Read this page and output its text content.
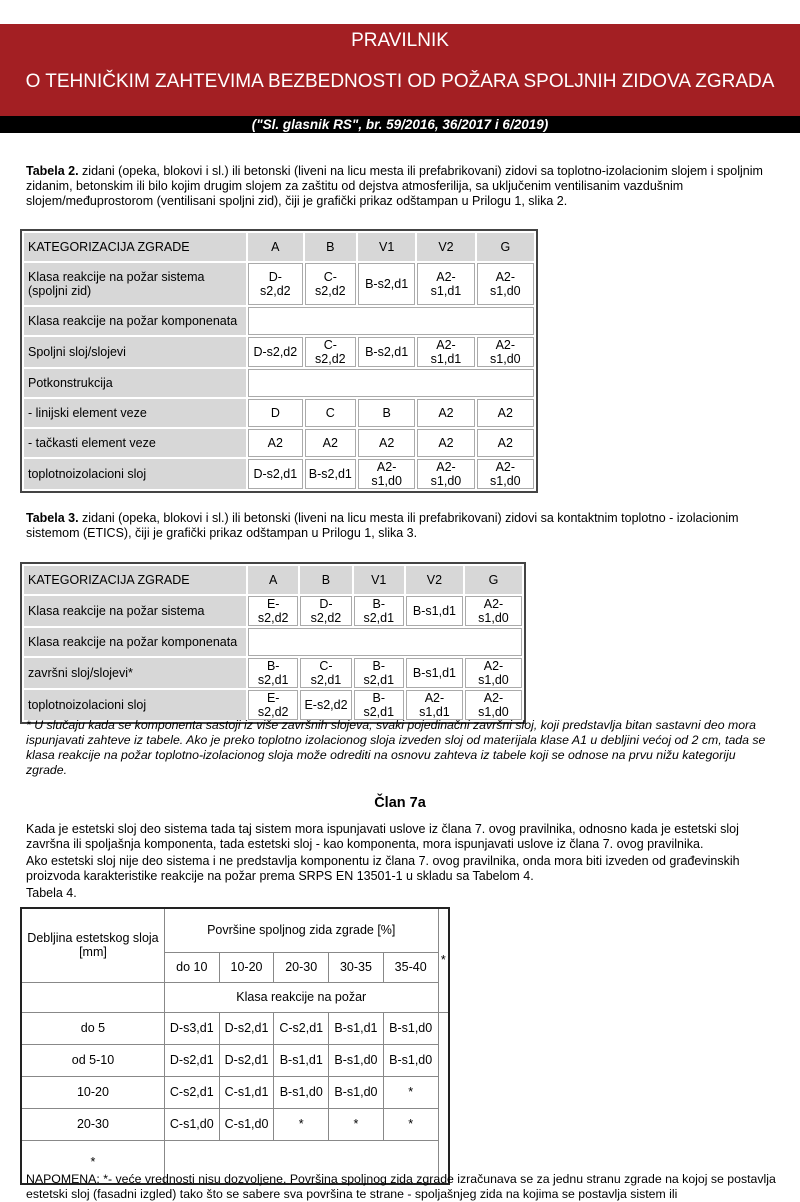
PRAVILNIK
O TEHNIČKIM ZAHTEVIMA BEZBEDNOSTI OD POŽARA SPOLJNIH ZIDOVA ZGRADA
("Sl. glasnik RS", br. 59/2016, 36/2017 i 6/2019)

Tabela 2. zidani (opeka, blokovi i sl.) ili betonski (liveni na licu mesta ili prefabrikovani) zidovi sa toplotno-izolacionim slojem i spoljnim zidanim, betonskim ili bilo kojim drugim slojem za zaštitu od dejstva atmosferilija, sa uključenim ventilisanim vazdušnim slojem/međuprostorom (ventilisani spoljni zid), čiji je grafički prikaz odštampan u Prilogu 1, slika 2.

KATEGORIZACIJA ZGRADE	A	B	V1	V2	G
Klasa reakcije na požar sistema (spoljni zid)	D- s2,d2	C-s2,d2	B-s2,d1	A2-s1,d1	A2-s1,d0
Klasa reakcije na požar komponenata					
Spoljni sloj/slojevi	D-s2,d2	C-s2,d2	B-s2,d1	A2-s1,d1	A2-s1,d0
Potkonstrukcija					
- linijski element veze	D	C	B	A2	A2
- tačkasti element veze	A2	A2	A2	A2	A2
toplotnoizolacioni sloj	D-s2,d1	B-s2,d1	A2-s1,d0	A2-s1,d0	A2-s1,d0

Tabela 3. zidani (opeka, blokovi i sl.) ili betonski (liveni na licu mesta ili prefabrikovani) zidovi sa kontaktnim toplotno - izolacionim sistemom (ETICS), čiji je grafički prikaz odštampan u Prilogu 1, slika 3.

KATEGORIZACIJA ZGRADE	A	B	V1	V2	G
Klasa reakcije na požar sistema	E-s2,d2	D-s2,d2	B-s2,d1	B-s1,d1	A2-s1,d0
Klasa reakcije na požar komponenata					
završni sloj/slojevi*	B-s2,d1	C-s2,d1	B-s2,d1	B-s1,d1	A2-s1,d0
toplotnoizolacioni sloj	E-s2,d2	E-s2,d2	B-s2,d1	A2-s1,d1	A2-s1,d0

* U slučaju kada se komponenta sastoji iz više završnih slojeva, svaki pojedinačni završni sloj, koji predstavlja bitan sastavni deo mora ispunjavati zahteve iz tabele. Ako je preko toplotno izolacionog sloja izveden sloj od materijala klase A1 u debljini većoj od 2 cm, tada se klasa reakcije na požar toplotno-izolacionog sloja može odrediti na osnovu zahteva iz tabele koji se odnose na prvu nižu kategoriju zgrade.

Član 7a

Kada je estetski sloj deo sistema tada taj sistem mora ispunjavati uslove iz člana 7. ovog pravilnika, odnosno kada je estetski sloj završna ili spoljašnja komponenta, tada estetski sloj - kao komponenta, mora ispunjavati uslove iz člana 7. ovog pravilnika.

Ako estetski sloj nije deo sistema i ne predstavlja komponentu iz člana 7. ovog pravilnika, onda mora biti izveden od građevinskih proizvoda karakteristike reakcije na požar prema SRPS EN 13501-1 u skladu sa Tabelom 4.

Tabela 4.

Debljina estetskog sloja [mm]	Površine spoljnog zida zgrade [%]					*
	do 10	10-20	20-30	30-35	35-40	
	Klasa reakcije na požar					
do 5	D-s3,d1	D-s2,d1	C-s2,d1	B-s1,d1	B-s1,d0	
od 5-10	D-s2,d1	D-s2,d1	B-s1,d1	B-s1,d0	B-s1,d0	
10-20	C-s2,d1	C-s1,d1	B-s1,d0	B-s1,d0	*	
20-30	C-s1,d0	C-s1,d0	*	*	*	
*						
NAPOMENA: *- veće vrednosti nisu dozvoljene. Površina spoljnog zida zgrade izračunava se za jednu stranu zgrade na kojoj se postavlja estetski sloj (fasadni izgled) tako što se sabere sva površina te strane - spoljašnjeg zida na kojima se postavlja sistem ili
